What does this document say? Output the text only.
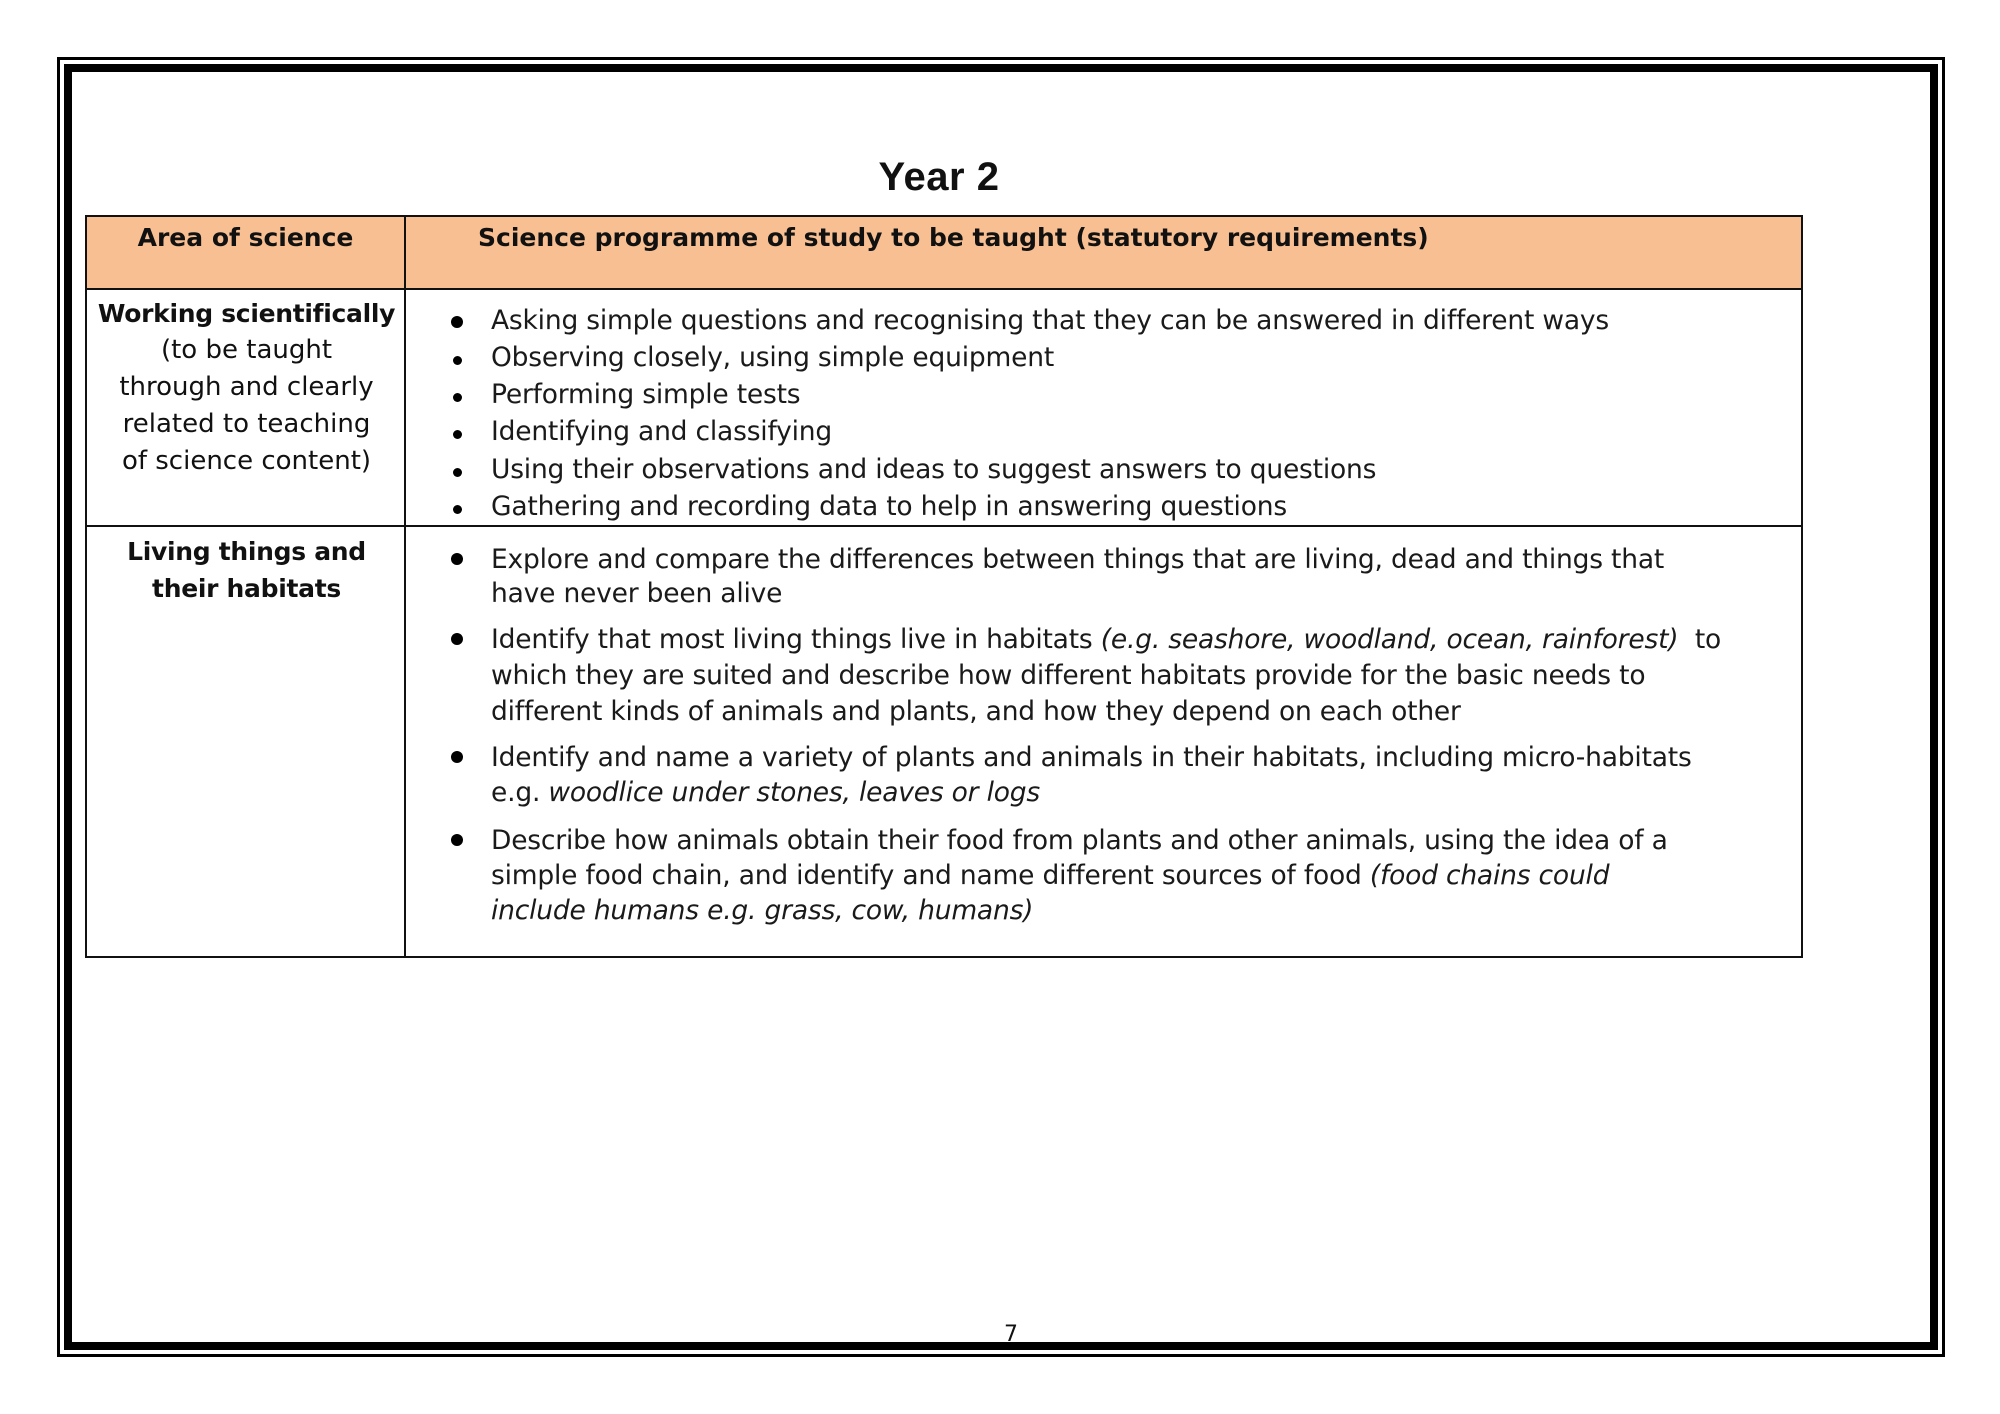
Year 2
Area of science	Science programme of study to be taught (statutory requirements)
Working scientifically
(to be taught
through and clearly
related to teaching
of science content)
Asking simple questions and recognising that they can be answered in different ways
Observing closely, using simple equipment
Performing simple tests
Identifying and classifying
Using their observations and ideas to suggest answers to questions
Gathering and recording data to help in answering questions
Living things and
their habitats
Explore and compare the differences between things that are living, dead and things that
have never been alive
Identify that most living things live in habitats (e.g. seashore, woodland, ocean, rainforest)  to
which they are suited and describe how different habitats provide for the basic needs to
different kinds of animals and plants, and how they depend on each other
Identify and name a variety of plants and animals in their habitats, including micro-habitats
e.g. woodlice under stones, leaves or logs
Describe how animals obtain their food from plants and other animals, using the idea of a
simple food chain, and identify and name different sources of food (food chains could
include humans e.g. grass, cow, humans)
7
